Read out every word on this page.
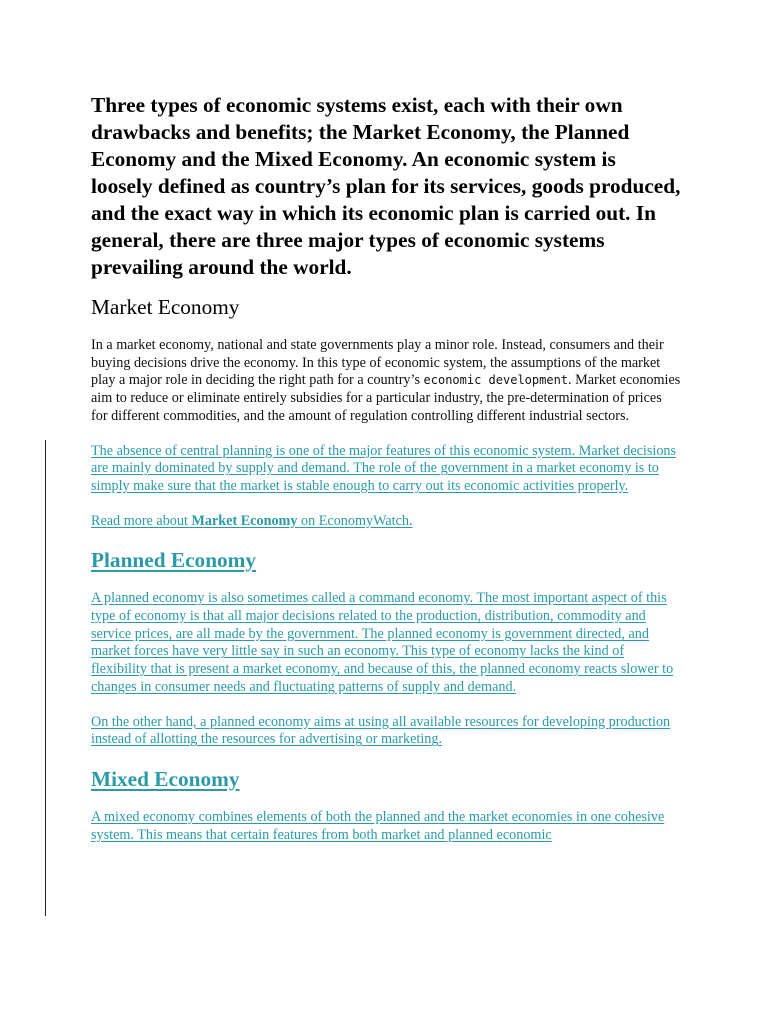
Three types of economic systems exist, each with their own drawbacks and benefits; the Market Economy, the Planned Economy and the Mixed Economy. An economic system is loosely defined as country’s plan for its services, goods produced, and the exact way in which its economic plan is carried out. In general, there are three major types of economic systems prevailing around the world.

Market Economy

In a market economy, national and state governments play a minor role. Instead, consumers and their buying decisions drive the economy. In this type of economic system, the assumptions of the market play a major role in deciding the right path for a country’s economic development. Market economies aim to reduce or eliminate entirely subsidies for a particular industry, the pre-determination of prices for different commodities, and the amount of regulation controlling different industrial sectors.

The absence of central planning is one of the major features of this economic system. Market decisions are mainly dominated by supply and demand. The role of the government in a market economy is to simply make sure that the market is stable enough to carry out its economic activities properly.

Read more about Market Economy on EconomyWatch.

Planned Economy

A planned economy is also sometimes called a command economy. The most important aspect of this type of economy is that all major decisions related to the production, distribution, commodity and service prices, are all made by the government. The planned economy is government directed, and market forces have very little say in such an economy. This type of economy lacks the kind of flexibility that is present a market economy, and because of this, the planned economy reacts slower to changes in consumer needs and fluctuating patterns of supply and demand.

On the other hand, a planned economy aims at using all available resources for developing production instead of allotting the resources for advertising or marketing.

Mixed Economy

A mixed economy combines elements of both the planned and the market economies in one cohesive system. This means that certain features from both market and planned economic
